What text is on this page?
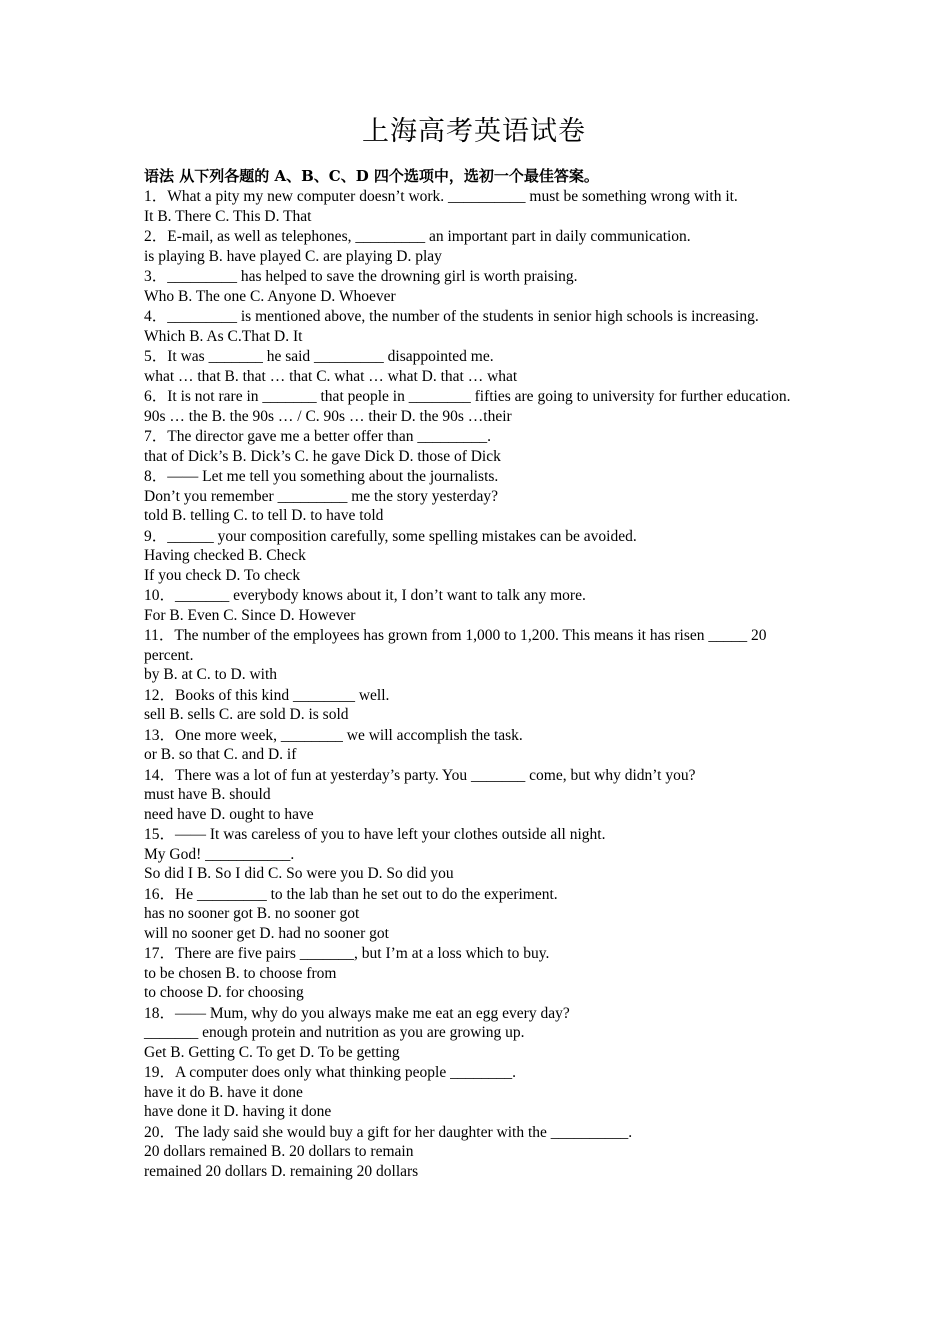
上海高考英语试卷
语法 从下列各题的 A、B、C、D 四个选项中，选初一个最佳答案。
1．What a pity my new computer doesn’t work. __________ must be something wrong with it.
It B. There C. This D. That
2．E-mail, as well as telephones, _________ an important part in daily communication.
is playing B. have played C. are playing D. play
3．_________ has helped to save the drowning girl is worth praising.
Who B. The one C. Anyone D. Whoever
4．_________ is mentioned above, the number of the students in senior high schools is increasing.
Which B. As C.That D. It
5．It was _______ he said _________ disappointed me.
what … that B. that … that C. what … what D. that … what
6．It is not rare in _______ that people in ________ fifties are going to university for further education.
90s … the B. the 90s … / C. 90s … their D. the 90s …their
7．The director gave me a better offer than _________.
that of Dick’s B. Dick’s C. he gave Dick D. those of Dick
8．—— Let me tell you something about the journalists.
Don’t you remember _________ me the story yesterday?
told B. telling C. to tell D. to have told
9．______ your composition carefully, some spelling mistakes can be avoided.
Having checked B. Check
If you check D. To check
10．_______ everybody knows about it, I don’t want to talk any more.
For B. Even C. Since D. However
11．The number of the employees has grown from 1,000 to 1,200. This means it has risen _____ 20 percent.
by B. at C. to D. with
12．Books of this kind ________ well.
sell B. sells C. are sold D. is sold
13．One more week, ________ we will accomplish the task.
or B. so that C. and D. if
14．There was a lot of fun at yesterday’s party. You _______ come, but why didn’t you?
must have B. should
need have D. ought to have
15．—— It was careless of you to have left your clothes outside all night.
My God! ___________.
So did I B. So I did C. So were you D. So did you
16．He _________ to the lab than he set out to do the experiment.
has no sooner got B. no sooner got
will no sooner get D. had no sooner got
17．There are five pairs _______, but I’m at a loss which to buy.
to be chosen B. to choose from
to choose D. for choosing
18．—— Mum, why do you always make me eat an egg every day?
_______ enough protein and nutrition as you are growing up.
Get B. Getting C. To get D. To be getting
19．A computer does only what thinking people ________.
have it do B. have it done
have done it D. having it done
20．The lady said she would buy a gift for her daughter with the __________.
20 dollars remained B. 20 dollars to remain
remained 20 dollars D. remaining 20 dollars
